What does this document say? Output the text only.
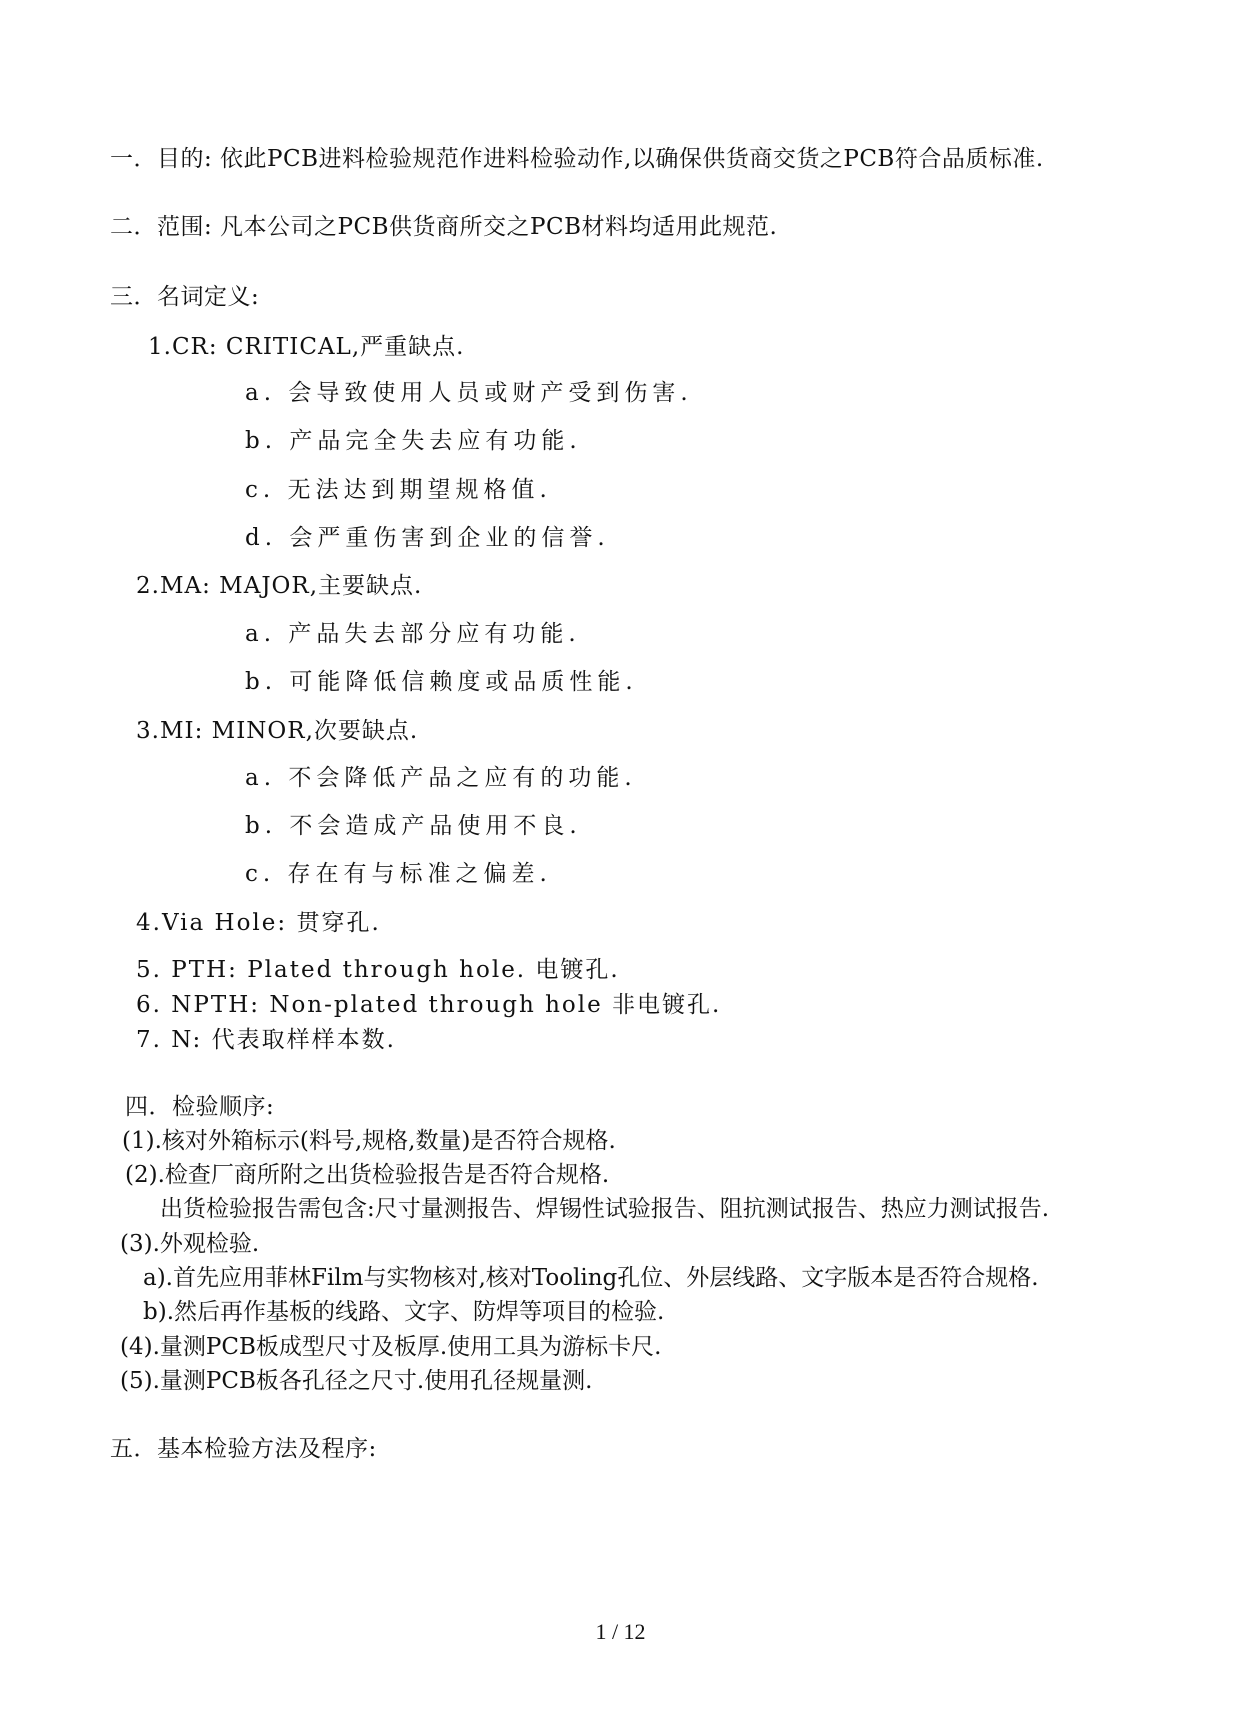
一．目的: 依此PCB进料检验规范作进料检验动作,以确保供货商交货之PCB符合品质标准.
二．范围: 凡本公司之PCB供货商所交之PCB材料均适用此规范.
三．名词定义:
1.CR: CRITICAL,严重缺点.
a. 会导致使用人员或财产受到伤害.
b. 产品完全失去应有功能.
c. 无法达到期望规格值.
d. 会严重伤害到企业的信誉.
2.MA: MAJOR,主要缺点.
a. 产品失去部分应有功能.
b. 可能降低信赖度或品质性能.
3.MI: MINOR,次要缺点.
a. 不会降低产品之应有的功能.
b. 不会造成产品使用不良.
c. 存在有与标准之偏差.
4.Via Hole: 贯穿孔.
5. PTH: Plated through hole. 电镀孔.
6. NPTH: Non-plated through hole 非电镀孔.
7. N: 代表取样样本数.
四．检验顺序:
(1).核对外箱标示(料号,规格,数量)是否符合规格.
(2).检查厂商所附之出货检验报告是否符合规格.
出货检验报告需包含:尺寸量测报告、焊锡性试验报告、阻抗测试报告、热应力测试报告.
(3).外观检验.
a).首先应用菲林Film与实物核对,核对Tooling孔位、外层线路、文字版本是否符合规格.
b).然后再作基板的线路、文字、防焊等项目的检验.
(4).量测PCB板成型尺寸及板厚.使用工具为游标卡尺.
(5).量测PCB板各孔径之尺寸.使用孔径规量测.
五．基本检验方法及程序:
1 / 12
